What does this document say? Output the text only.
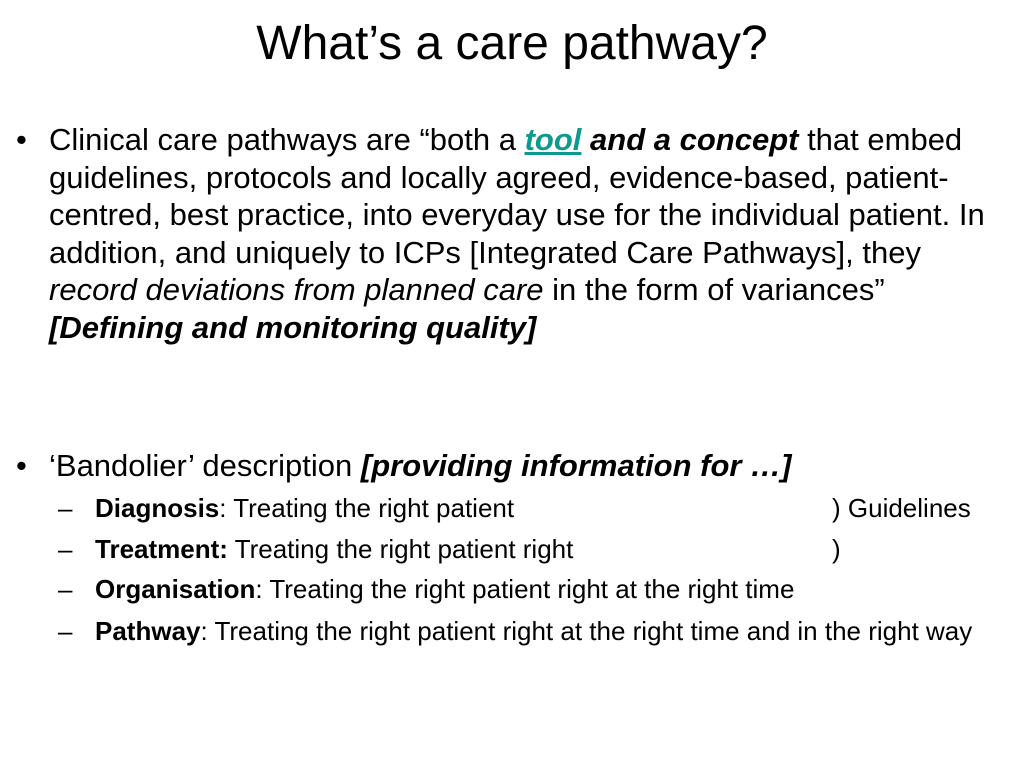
What’s a care pathway?
• Clinical care pathways are “both a tool and a concept that embed guidelines, protocols and locally agreed, evidence-based, patient-centred, best practice, into everyday use for the individual patient. In addition, and uniquely to ICPs [Integrated Care Pathways], they record deviations from planned care in the form of variances” [Defining and monitoring quality]
• ‘Bandolier’ description [providing information for …]
– Diagnosis: Treating the right patient	) Guidelines
– Treatment: Treating the right patient right	)
– Organisation: Treating the right patient right at the right time
– Pathway: Treating the right patient right at the right time and in the right way
